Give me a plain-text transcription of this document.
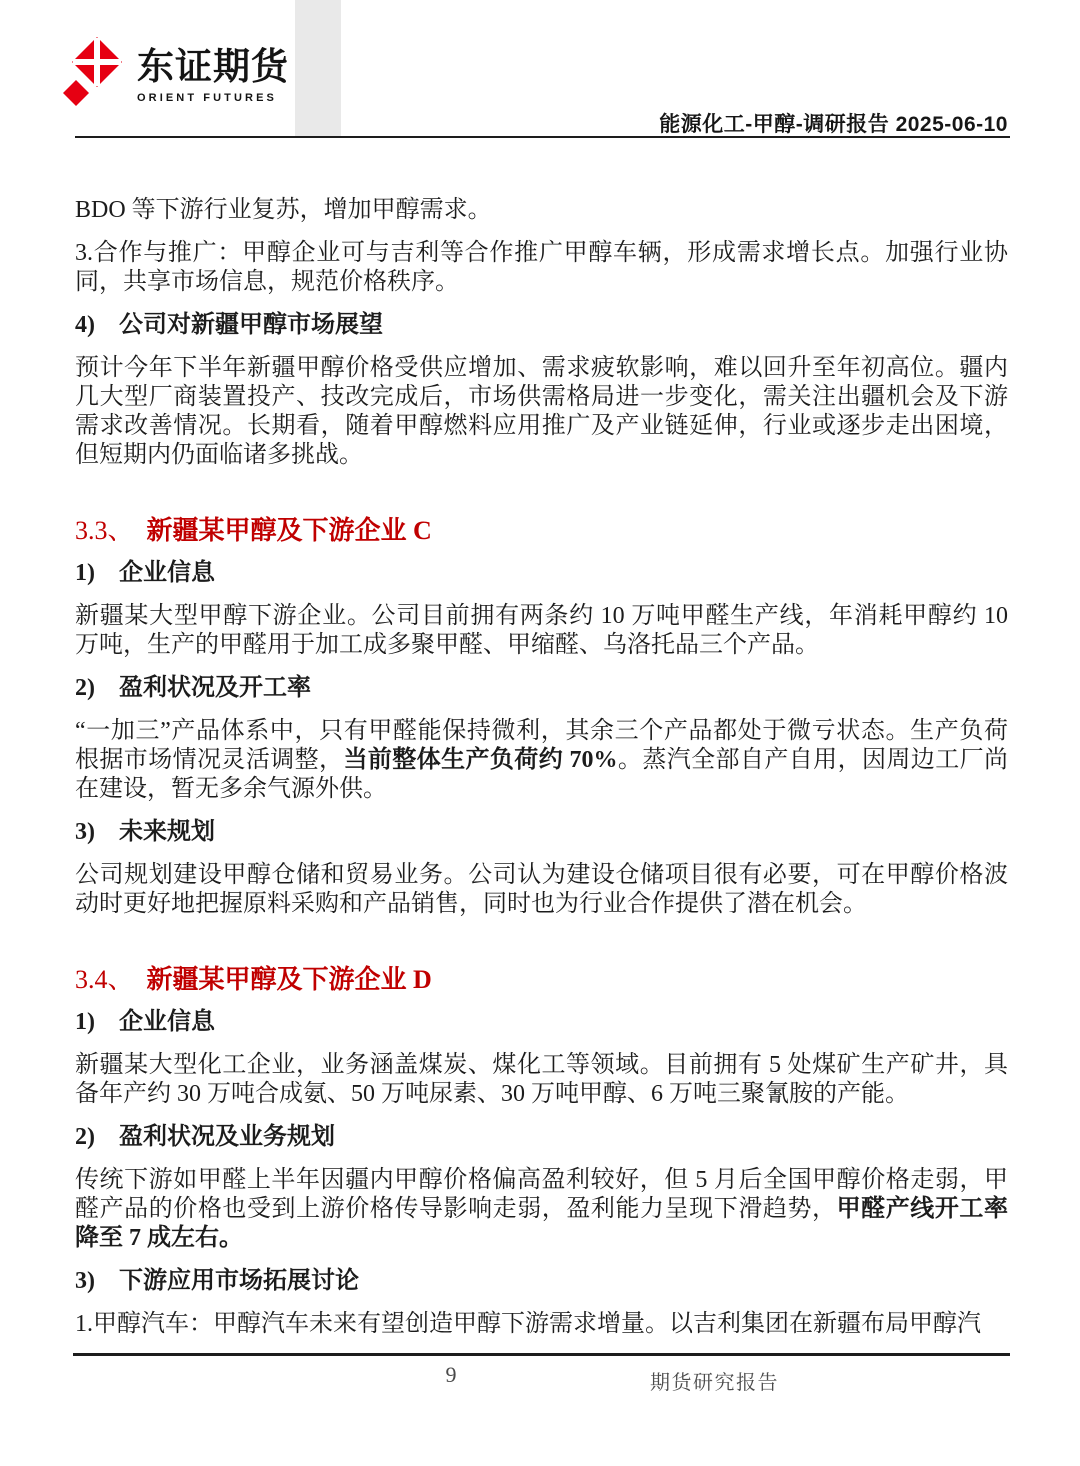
东证期货
ORIENT FUTURES
能源化工-甲醇-调研报告 2025-06-10

BDO 等下游行业复苏，增加甲醇需求。

3.合作与推广：甲醇企业可与吉利等合作推广甲醇车辆，形成需求增长点。加强行业协同，共享市场信息，规范价格秩序。

4)　公司对新疆甲醇市场展望

预计今年下半年新疆甲醇价格受供应增加、需求疲软影响，难以回升至年初高位。疆内几大型厂商装置投产、技改完成后，市场供需格局进一步变化，需关注出疆机会及下游需求改善情况。长期看，随着甲醇燃料应用推广及产业链延伸，行业或逐步走出困境，但短期内仍面临诸多挑战。

3.3、 新疆某甲醇及下游企业 C

1)　企业信息

新疆某大型甲醇下游企业。公司目前拥有两条约 10 万吨甲醛生产线，年消耗甲醇约 10 万吨，生产的甲醛用于加工成多聚甲醛、甲缩醛、乌洛托品三个产品。

2)　盈利状况及开工率

“一加三”产品体系中，只有甲醛能保持微利，其余三个产品都处于微亏状态。生产负荷根据市场情况灵活调整，当前整体生产负荷约 70%。蒸汽全部自产自用，因周边工厂尚在建设，暂无多余气源外供。

3)　未来规划

公司规划建设甲醇仓储和贸易业务。公司认为建设仓储项目很有必要，可在甲醇价格波动时更好地把握原料采购和产品销售，同时也为行业合作提供了潜在机会。

3.4、 新疆某甲醇及下游企业 D

1)　企业信息

新疆某大型化工企业，业务涵盖煤炭、煤化工等领域。目前拥有 5 处煤矿生产矿井，具备年产约 30 万吨合成氨、50 万吨尿素、30 万吨甲醇、6 万吨三聚氰胺的产能。

2)　盈利状况及业务规划

传统下游如甲醛上半年因疆内甲醇价格偏高盈利较好，但 5 月后全国甲醇价格走弱，甲醛产品的价格也受到上游价格传导影响走弱，盈利能力呈现下滑趋势，甲醛产线开工率降至 7 成左右。

3)　下游应用市场拓展讨论

1.甲醇汽车：甲醇汽车未来有望创造甲醇下游需求增量。以吉利集团在新疆布局甲醇汽

9	期货研究报告
